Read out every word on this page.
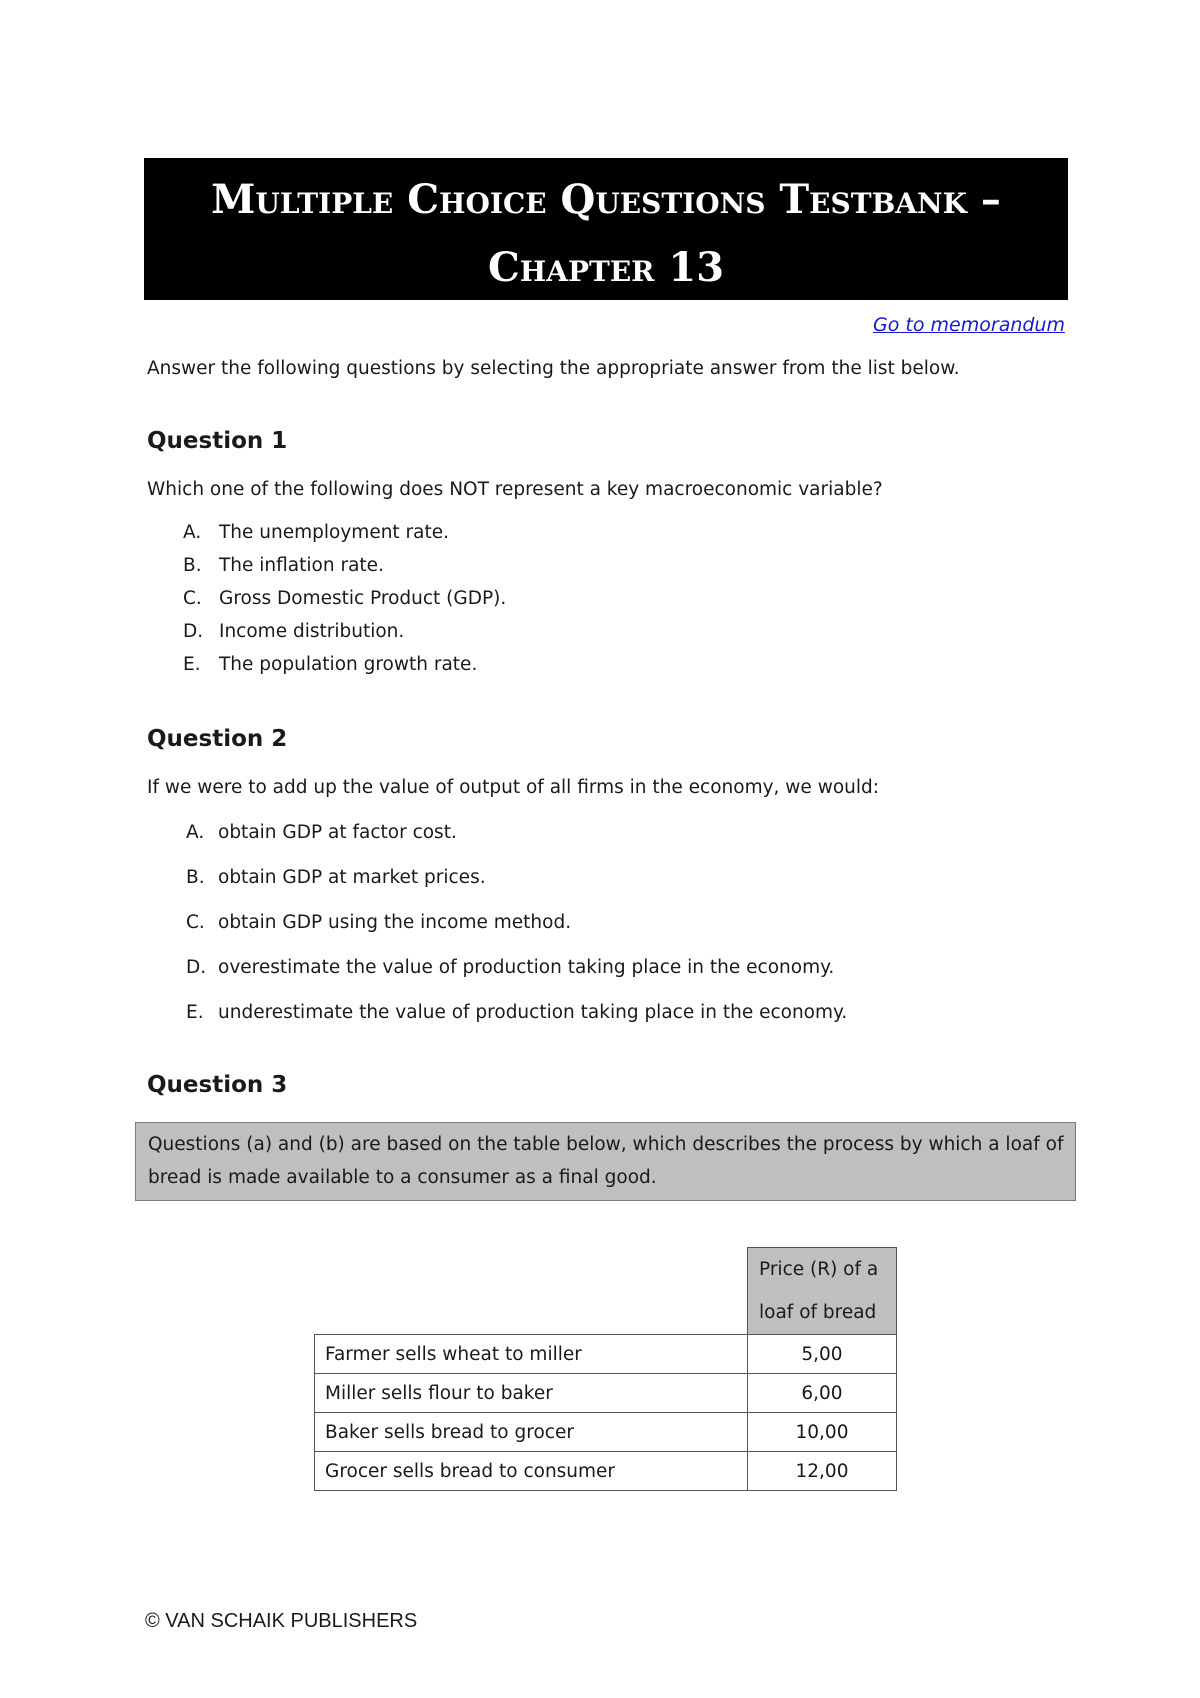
Multiple Choice Questions Testbank –
Chapter 13
Go to memorandum
Answer the following questions by selecting the appropriate answer from the list below.
Question 1
Which one of the following does NOT represent a key macroeconomic variable?
A. The unemployment rate.
B. The inflation rate.
C. Gross Domestic Product (GDP).
D. Income distribution.
E. The population growth rate.
Question 2
If we were to add up the value of output of all firms in the economy, we would:
A. obtain GDP at factor cost.
B. obtain GDP at market prices.
C. obtain GDP using the income method.
D. overestimate the value of production taking place in the economy.
E. underestimate the value of production taking place in the economy.
Question 3
Questions (a) and (b) are based on the table below, which describes the process by which a loaf of bread is made available to a consumer as a final good.
	Price (R) of a loaf of bread
Farmer sells wheat to miller	5,00
Miller sells flour to baker	6,00
Baker sells bread to grocer	10,00
Grocer sells bread to consumer	12,00
© VAN SCHAIK PUBLISHERS
